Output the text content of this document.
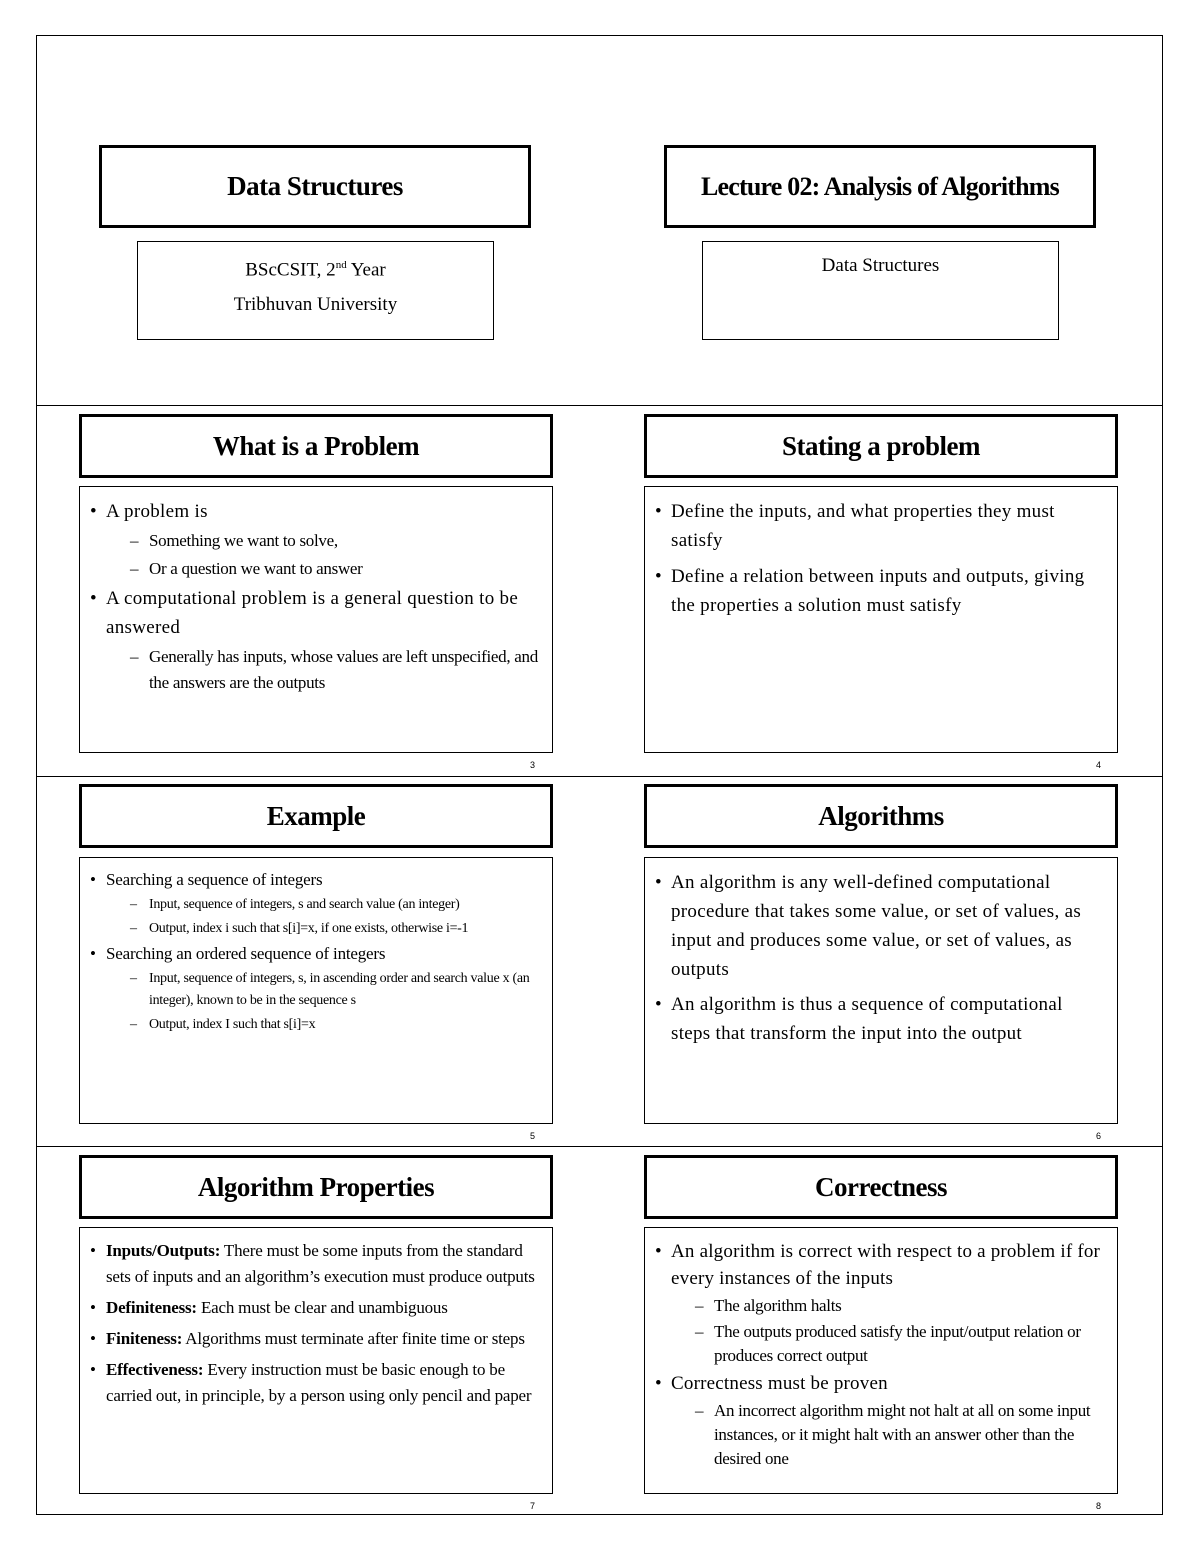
Data Structures
BScCSIT, 2nd Year
Tribhuvan University
Lecture 02: Analysis of Algorithms
Data Structures
What is a Problem
• A problem is
– Something we want to solve,
– Or a question we want to answer
• A computational problem is a general question to be answered
– Generally has inputs, whose values are left unspecified, and the answers are the outputs
3
Stating a problem
• Define the inputs, and what properties they must satisfy
• Define a relation between inputs and outputs, giving the properties a solution must satisfy
4
Example
• Searching a sequence of integers
– Input, sequence of integers, s and search value (an integer)
– Output, index i such that s[i]=x, if one exists, otherwise i=-1
• Searching an ordered sequence of integers
– Input, sequence of integers, s, in ascending order and search value x (an integer), known to be in the sequence s
– Output, index I such that s[i]=x
5
Algorithms
• An algorithm is any well-defined computational procedure that takes some value, or set of values, as input and produces some value, or set of values, as outputs
• An algorithm is thus a sequence of computational steps that transform the input into the output
6
Algorithm Properties
• Inputs/Outputs: There must be some inputs from the standard sets of inputs and an algorithm’s execution must produce outputs
• Definiteness: Each must be clear and unambiguous
• Finiteness: Algorithms must terminate after finite time or steps
• Effectiveness: Every instruction must be basic enough to be carried out, in principle, by a person using only pencil and paper
7
Correctness
• An algorithm is correct with respect to a problem if for every instances of the inputs
– The algorithm halts
– The outputs produced satisfy the input/output relation or produces correct output
• Correctness must be proven
– An incorrect algorithm might not halt at all on some input instances, or it might halt with an answer other than the desired one
8
